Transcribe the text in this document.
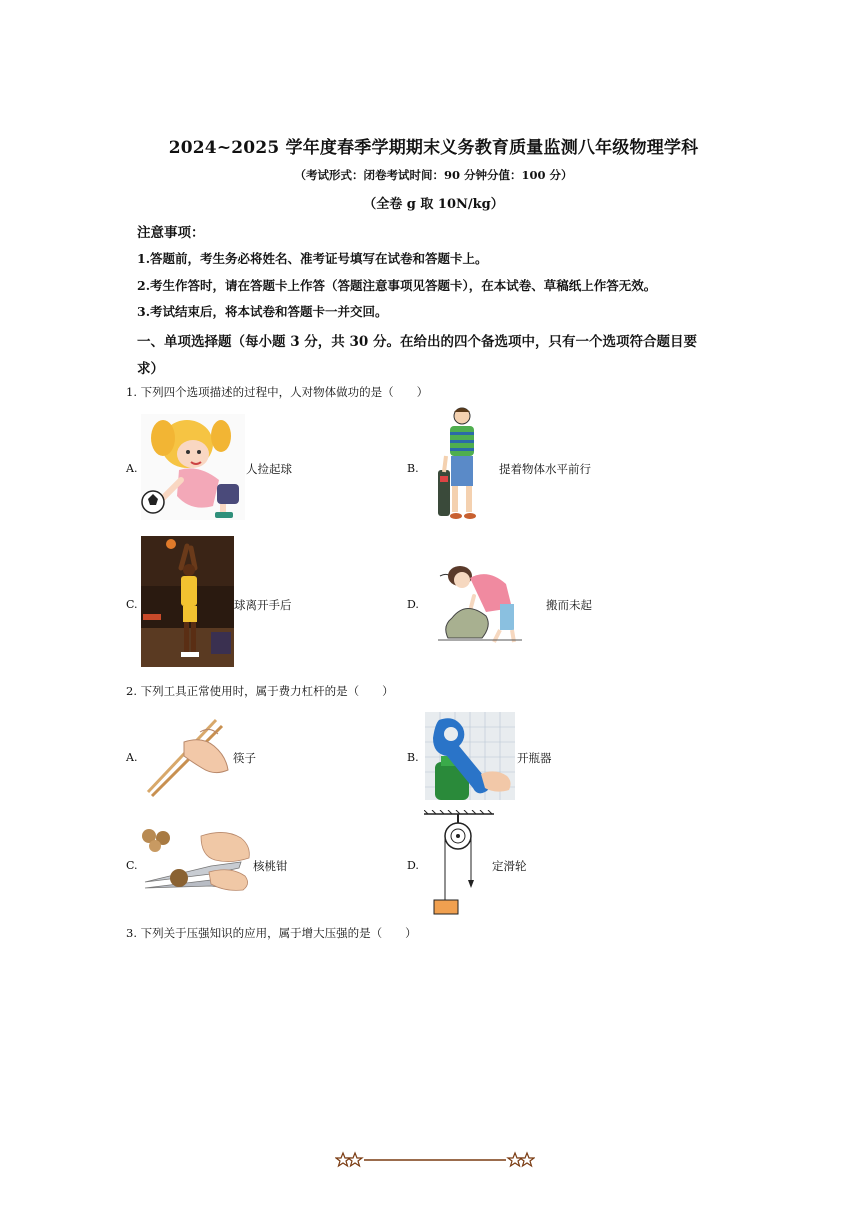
2024~2025 学年度春季学期期末义务教育质量监测八年级物理学科
（考试形式：闭卷考试时间：90 分钟分值：100 分）
（全卷 g 取 10N/kg）
注意事项：
1.答题前，考生务必将姓名、准考证号填写在试卷和答题卡上。
2.考生作答时，请在答题卡上作答（答题注意事项见答题卡），在本试卷、草稿纸上作答无效。
3.考试结束后，将本试卷和答题卡一并交回。
一、单项选择题（每小题 3 分，共 30 分。在给出的四个备选项中，只有一个选项符合题目要求）
1. 下列四个选项描述的过程中，人对物体做功的是（　　）
A.	人捡起球	B.	提着物体水平前行
C.	球离开手后	D.	搬而未起
2. 下列工具正常使用时，属于费力杠杆的是（　　）
A.	筷子	B.	开瓶器
C.	核桃钳	D.	定滑轮
3. 下列关于压强知识的应用，属于增大压强的是（　　）
